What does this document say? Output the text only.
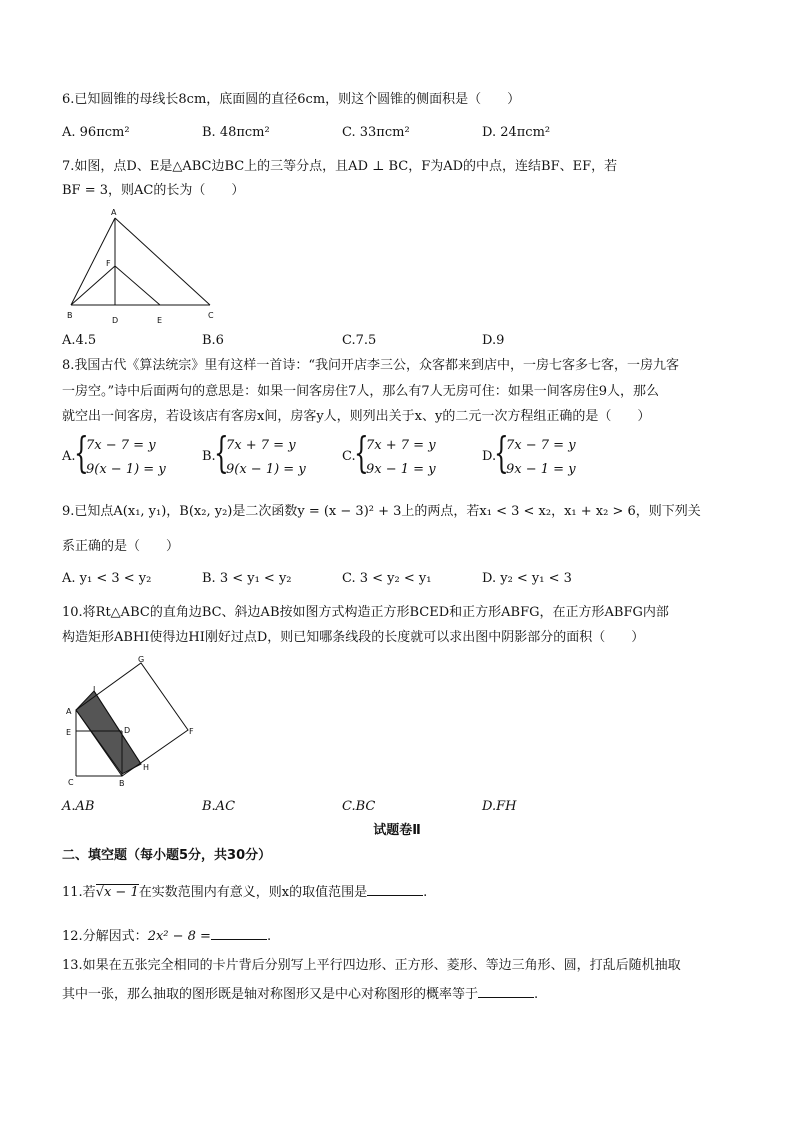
6.已知圆锥的母线长8cm，底面圆的直径6cm，则这个圆锥的侧面积是（　　）
A. 96πcm²	B. 48πcm²	C. 33πcm²	D. 24πcm²
7.如图，点D、E是△ABC边BC上的三等分点，且AD ⊥ BC，F为AD的中点，连结BF、EF，若
BF = 3，则AC的长为（　　）
A
F
B
D	E
C
A.4.5	B.6	C.7.5	D.9
8.我国古代《算法统宗》里有这样一首诗：“我问开店李三公，众客都来到店中，一房七客多七客，一房九客
一房空。”诗中后面两句的意思是：如果一间客房住7人，那么有7人无房可住：如果一间客房住9人，那么
就空出一间客房，若设该店有客房x间，房客y人，则列出关于x、y的二元一次方程组正确的是（　　）
A.
{
7x − 7 = y
9(x − 1) = y
B.
{
7x + 7 = y
9(x − 1) = y
C.
{
7x + 7 = y
9x − 1 = y
D.
{
7x − 7 = y
9x − 1 = y
9.已知点A(x₁, y₁)，B(x₂, y₂)是二次函数y = (x − 3)² + 3上的两点，若x₁ < 3 < x₂，x₁ + x₂ > 6，则下列关
系正确的是（　　）
A. y₁ < 3 < y₂	B. 3 < y₁ < y₂	C. 3 < y₂ < y₁	D. y₂ < y₁ < 3
10.将Rt△ABC的直角边BC、斜边AB按如图方式构造正方形BCED和正方形ABFG，在正方形ABFG内部
构造矩形ABHI使得边HI刚好过点D，则已知哪条线段的长度就可以求出图中阴影部分的面积（　　）
G
I
A
E	D	F
H
C	B
A.AB	B.AC	C.BC	D.FH
试题卷Ⅱ
二、填空题（每小题5分，共30分）
11.若√x − 1在实数范围内有意义，则x的取值范围是	.
12.分解因式：2x² − 8 =	.
13.如果在五张完全相同的卡片背后分别写上平行四边形、正方形、菱形、等边三角形、圆，打乱后随机抽取
其中一张，那么抽取的图形既是轴对称图形又是中心对称图形的概率等于	.
